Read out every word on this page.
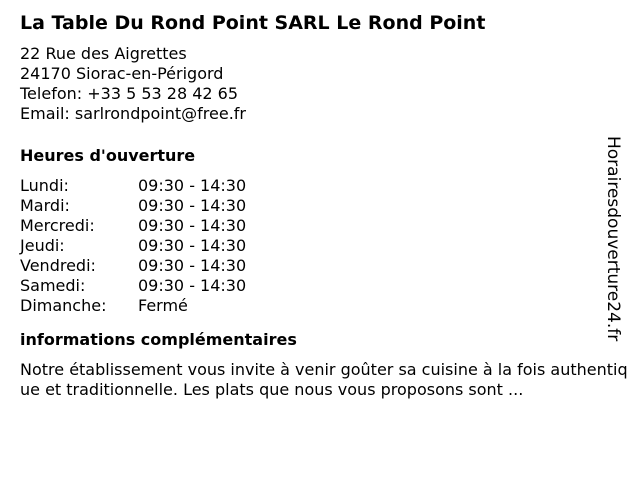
La Table Du Rond Point SARL Le Rond Point
22 Rue des Aigrettes
24170 Siorac-en-Périgord
Telefon: +33 5 53 28 42 65
Email: sarlrondpoint@free.fr
Heures d'ouverture
Lundi:	09:30 - 14:30
Mardi:	09:30 - 14:30
Mercredi:	09:30 - 14:30
Jeudi:	09:30 - 14:30
Vendredi:	09:30 - 14:30
Samedi:	09:30 - 14:30
Dimanche:	Fermé
informations complémentaires
Notre établissement vous invite à venir goûter sa cuisine à la fois authentique et traditionnelle. Les plats que nous vous proposons sont ...
Horairesdouverture24.fr
